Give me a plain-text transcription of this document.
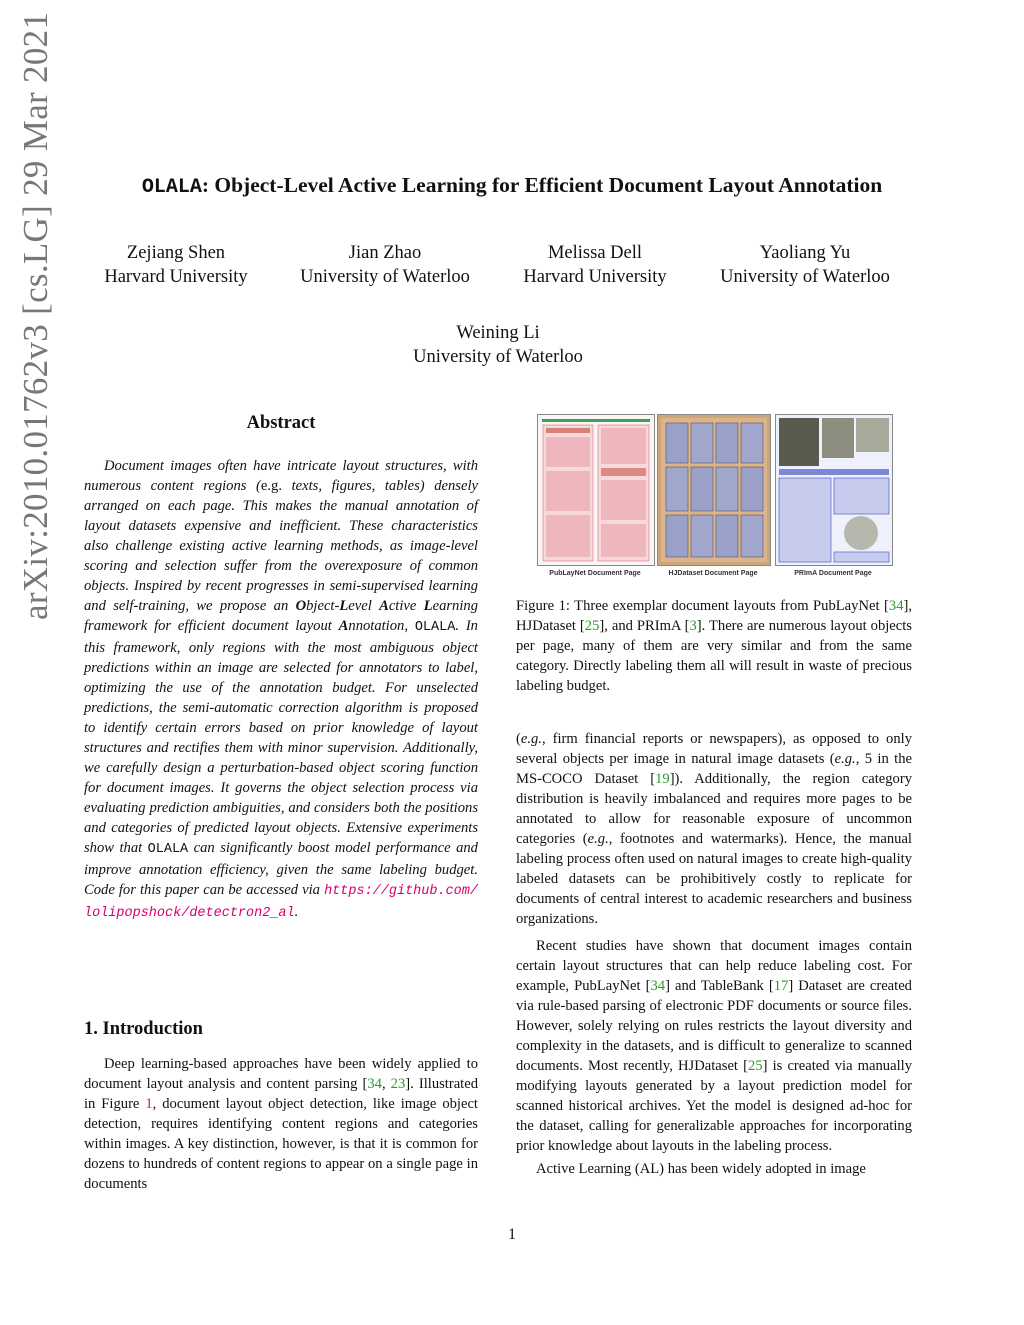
OLALA: Object-Level Active Learning for Efficient Document Layout Annotation
Zejiang Shen
Harvard University
Jian Zhao
University of Waterloo
Melissa Dell
Harvard University
Yaoliang Yu
University of Waterloo
Weining Li
University of Waterloo
arXiv:2010.01762v3 [cs.LG] 29 Mar 2021	Abstract

Document images often have intricate layout structures, with numerous content regions (e.g. texts, figures, tables) densely arranged on each page. This makes the manual annotation of layout datasets expensive and inefficient. These characteristics also challenge existing active learning methods, as image-level scoring and selection suffer from the overexposure of common objects. Inspired by recent progresses in semi-supervised learning and self-training, we propose an Object-Level Active Learning framework for efficient document layout Annotation, OLALA. In this framework, only regions with the most ambiguous object predictions within an image are selected for annotators to label, optimizing the use of the annotation budget. For unselected predictions, the semi-automatic correction algorithm is proposed to identify certain errors based on prior knowledge of layout structures and rectifies them with minor supervision. Additionally, we carefully design a perturbation-based object scoring function for document images. It governs the object selection process via evaluating prediction ambiguities, and considers both the positions and categories of predicted layout objects. Extensive experiments show that OLALA can significantly boost model performance and improve annotation efficiency, given the same labeling budget. Code for this paper can be accessed via https://github.com/lolipopshock/detectron2_al.

1. Introduction

Deep learning-based approaches have been widely applied to document layout analysis and content parsing [34, 23]. Illustrated in Figure 1, document layout object detection, like image object detection, requires identifying content regions and categories within images. A key distinction, however, is that it is common for dozens to hundreds of content regions to appear on a single page in documents

PubLayNet Document Page	HJDataset Document Page	PRImA Document Page
Figure 1: Three exemplar document layouts from PubLayNet [34], HJDataset [25], and PRImA [3]. There are numerous layout objects per page, many of them are very similar and from the same category. Directly labeling them all will result in waste of precious labeling budget.

(e.g., firm financial reports or newspapers), as opposed to only several objects per image in natural image datasets (e.g., 5 in the MS-COCO Dataset [19]). Additionally, the region category distribution is heavily imbalanced and requires more pages to be annotated to allow for reasonable exposure of uncommon categories (e.g., footnotes and watermarks). Hence, the manual labeling process often used on natural images to create high-quality labeled datasets can be prohibitively costly to replicate for documents of central interest to academic researchers and business organizations.

Recent studies have shown that document images contain certain layout structures that can help reduce labeling cost. For example, PubLayNet [34] and TableBank [17] Dataset are created via rule-based parsing of electronic PDF documents or source files. However, solely relying on rules restricts the layout diversity and complexity in the datasets, and is difficult to generalize to scanned documents. Most recently, HJDataset [25] is created via manually modifying layouts generated by a layout prediction model for scanned historical archives. Yet the model is designed ad-hoc for the dataset, calling for generalizable approaches for incorporating prior knowledge about layouts in the labeling process.

Active Learning (AL) has been widely adopted in image

1
